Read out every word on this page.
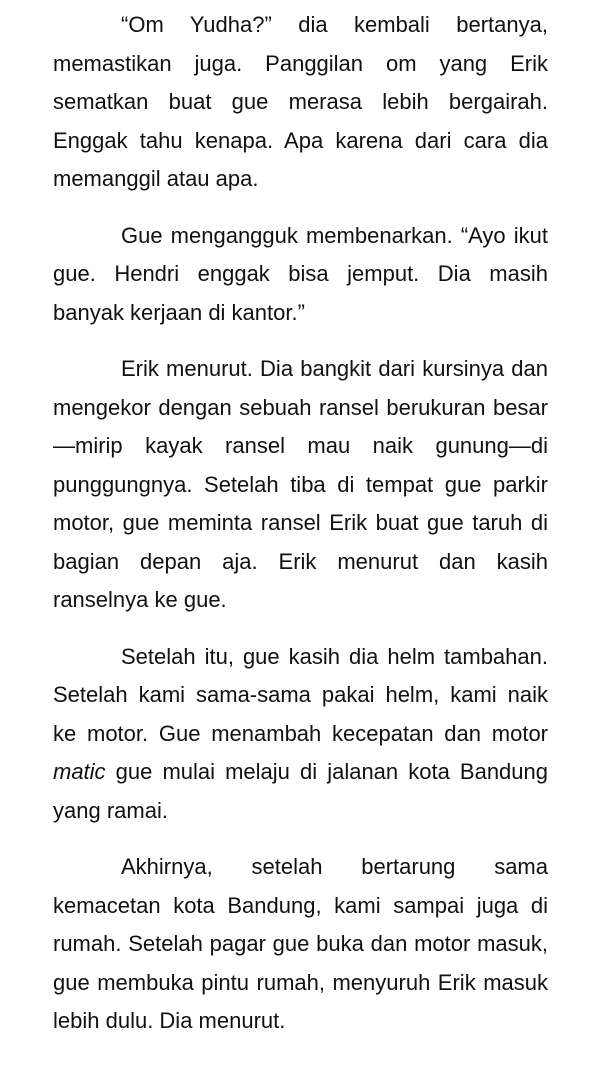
“Om Yudha?” dia kembali bertanya, memastikan juga. Panggilan om yang Erik sematkan buat gue merasa lebih bergairah. Enggak tahu kenapa. Apa karena dari cara dia memanggil atau apa.

Gue mengangguk membenarkan. “Ayo ikut gue. Hendri enggak bisa jemput. Dia masih banyak kerjaan di kantor.”

Erik menurut. Dia bangkit dari kursinya dan mengekor dengan sebuah ransel berukuran besar—mirip kayak ransel mau naik gunung—di punggungnya. Setelah tiba di tempat gue parkir motor, gue meminta ransel Erik buat gue taruh di bagian depan aja. Erik menurut dan kasih ranselnya ke gue.

Setelah itu, gue kasih dia helm tambahan. Setelah kami sama-sama pakai helm, kami naik ke motor. Gue menambah kecepatan dan motor matic gue mulai melaju di jalanan kota Bandung yang ramai.

Akhirnya, setelah bertarung sama kemacetan kota Bandung, kami sampai juga di rumah. Setelah pagar gue buka dan motor masuk, gue membuka pintu rumah, menyuruh Erik masuk lebih dulu. Dia menurut.
